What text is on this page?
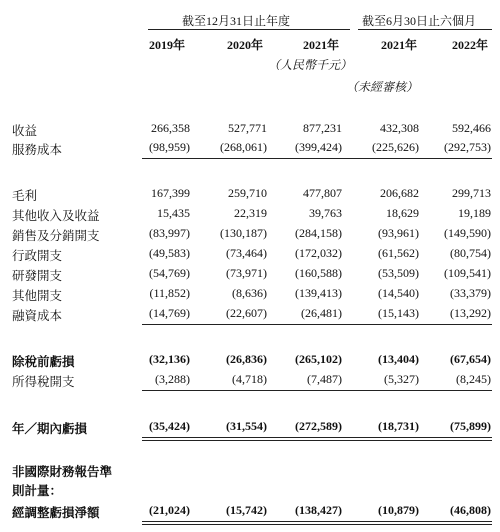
截至12月31日止年度	截至6月30日止六個月
2019年	2020年	2021年	2021年	2022年
（人民幣千元）
（未經審核）
收益	266,358	527,771	877,231	432,308	592,466
服務成本	(98,959)	(268,061)	(399,424)	(225,626)	(292,753)
毛利	167,399	259,710	477,807	206,682	299,713
其他收入及收益	15,435	22,319	39,763	18,629	19,189
銷售及分銷開支	(83,997)	(130,187)	(284,158)	(93,961)	(149,590)
行政開支	(49,583)	(73,464)	(172,032)	(61,562)	(80,754)
研發開支	(54,769)	(73,971)	(160,588)	(53,509)	(109,541)
其他開支	(11,852)	(8,636)	(139,413)	(14,540)	(33,379)
融資成本	(14,769)	(22,607)	(26,481)	(15,143)	(13,292)
除稅前虧損	(32,136)	(26,836)	(265,102)	(13,404)	(67,654)
所得稅開支	(3,288)	(4,718)	(7,487)	(5,327)	(8,245)
年／期內虧損	(35,424)	(31,554)	(272,589)	(18,731)	(75,899)
非國際財務報告準
則計量：
經調整虧損淨額	(21,024)	(15,742)	(138,427)	(10,879)	(46,808)
